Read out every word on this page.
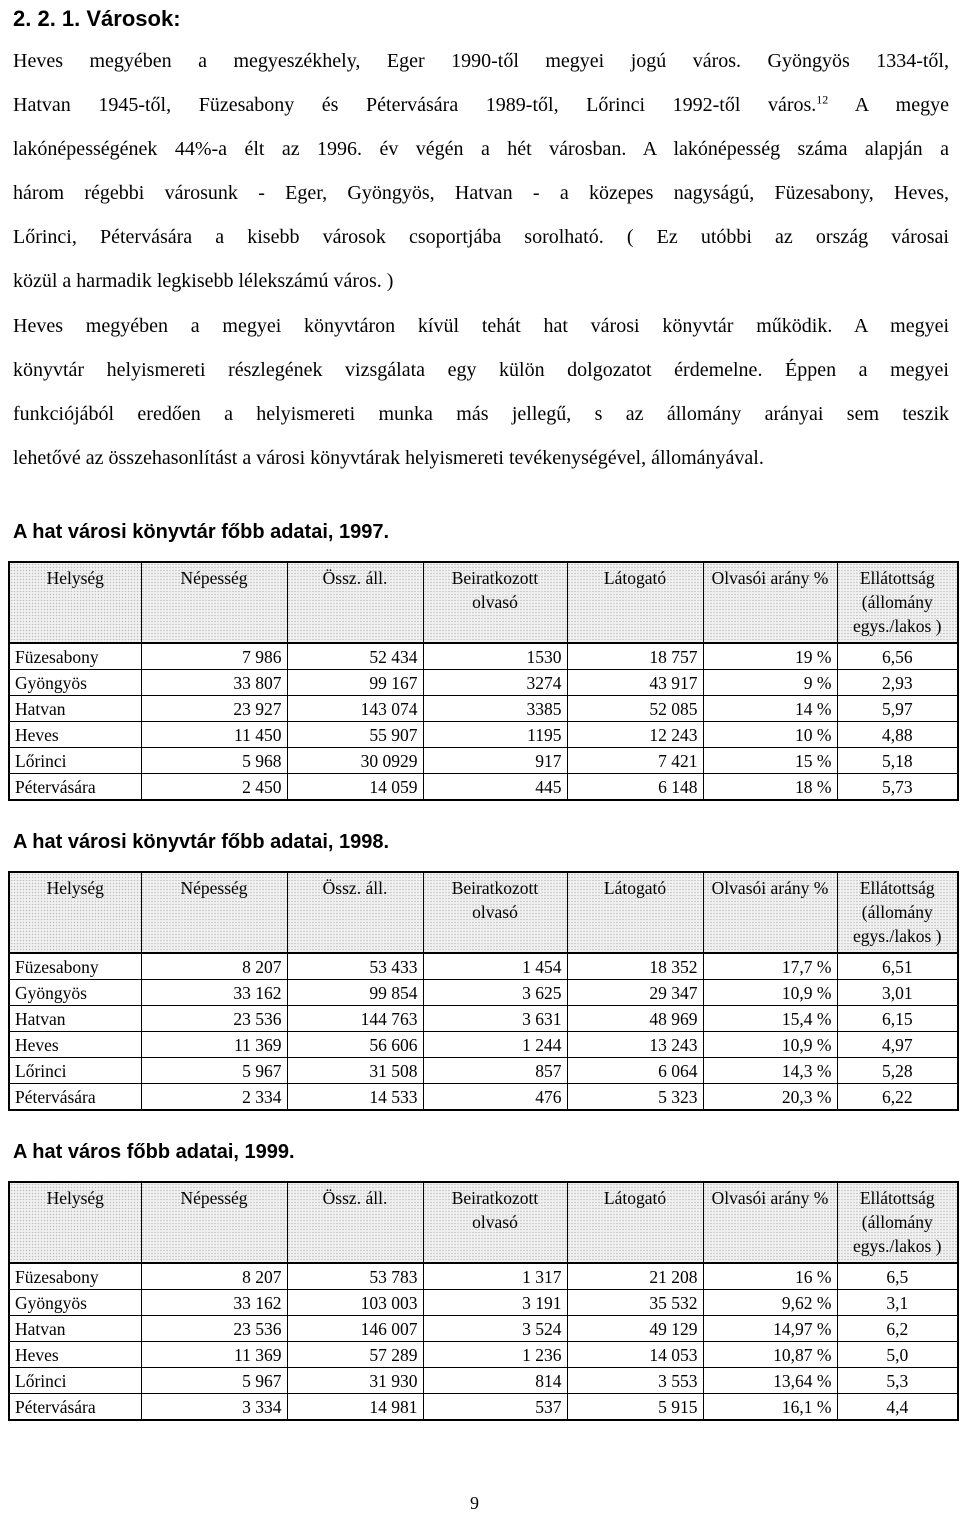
2. 2. 1. Városok:
Heves megyében a megyeszékhely, Eger 1990-től megyei jogú város. Gyöngyös 1334-től,
Hatvan 1945-től, Füzesabony és Pétervására 1989-től, Lőrinci 1992-től város.$^{12}$ A megye
lakónépességének 44%-a élt az 1996. év végén a hét városban. A lakónépesség száma alapján a
három régebbi városunk - Eger, Gyöngyös, Hatvan - a közepes nagyságú, Füzesabony, Heves,
Lőrinci, Pétervására a kisebb városok csoportjába sorolható. ( Ez utóbbi az ország városai
közül a harmadik legkisebb lélekszámú város. )
Heves megyében a megyei könyvtáron kívül tehát hat városi könyvtár működik. A megyei
könyvtár helyismereti részlegének vizsgálata egy külön dolgozatot érdemelne. Éppen a megyei
funkciójából eredően a helyismereti munka más jellegű, s az állomány arányai sem teszik
lehetővé az összehasonlítást a városi könyvtárak helyismereti tevékenységével, állományával.
A hat városi könyvtár főbb adatai, 1997.
Helység	Népesség	Össz. áll.	Beiratkozott olvasó	Látogató	Olvasói arány %	Ellátottság (állomány egys./lakos )
Füzesabony	7 986	52 434	1530	18 757	19 %	6,56
Gyöngyös	33 807	99 167	3274	43 917	9 %	2,93
Hatvan	23 927	143 074	3385	52 085	14 %	5,97
Heves	11 450	55 907	1195	12 243	10 %	4,88
Lőrinci	5 968	30 0929	917	7 421	15 %	5,18
Pétervására	2 450	14 059	445	6 148	18 %	5,73
A hat városi könyvtár főbb adatai, 1998.
Helység	Népesség	Össz. áll.	Beiratkozott olvasó	Látogató	Olvasói arány %	Ellátottság (állomány egys./lakos )
Füzesabony	8 207	53 433	1 454	18 352	17,7 %	6,51
Gyöngyös	33 162	99 854	3 625	29 347	10,9 %	3,01
Hatvan	23 536	144 763	3 631	48 969	15,4 %	6,15
Heves	11 369	56 606	1 244	13 243	10,9 %	4,97
Lőrinci	5 967	31 508	857	6 064	14,3 %	5,28
Pétervására	2 334	14 533	476	5 323	20,3 %	6,22
A hat város főbb adatai, 1999.
Helység	Népesség	Össz. áll.	Beiratkozott olvasó	Látogató	Olvasói arány %	Ellátottság (állomány egys./lakos )
Füzesabony	8 207	53 783	1 317	21 208	16 %	6,5
Gyöngyös	33 162	103 003	3 191	35 532	9,62 %	3,1
Hatvan	23 536	146 007	3 524	49 129	14,97 %	6,2
Heves	11 369	57 289	1 236	14 053	10,87 %	5,0
Lőrinci	5 967	31 930	814	3 553	13,64 %	5,3
Pétervására	3 334	14 981	537	5 915	16,1 %	4,4
9
